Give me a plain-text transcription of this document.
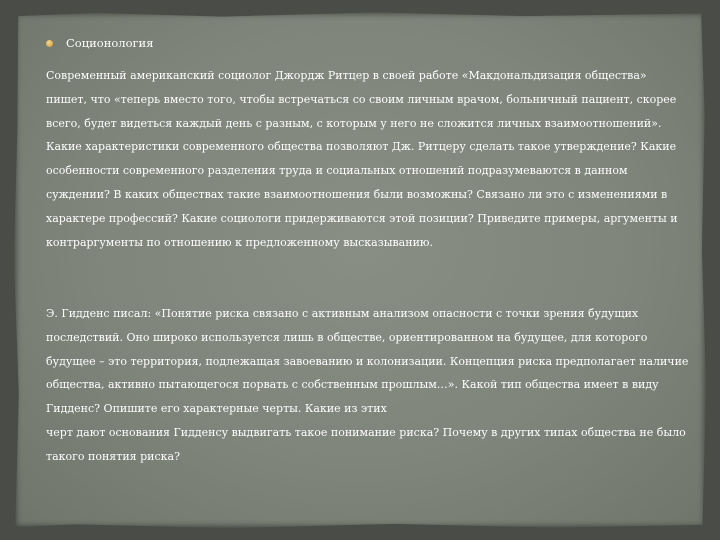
Соционология
Современный американский социолог Джордж Ритцер в своей работе «Макдональдизация общества»
пишет, что «теперь вместо того, чтобы встречаться со своим личным врачом, больничный пациент, скорее
всего, будет видеться каждый день с разным, с которым у него не сложится личных взаимоотношений».
Какие характеристики современного общества позволяют Дж. Ритцеру сделать такое утверждение? Какие
особенности современного разделения труда и социальных отношений подразумеваются в данном
суждении? В каких обществах такие взаимоотношения были возможны? Связано ли это с изменениями в
характере профессий? Какие социологи придерживаются этой позиции? Приведите примеры, аргументы и
контраргументы по отношению к предложенному высказыванию.
Э. Гидденс писал: «Понятие риска связано с активным анализом опасности с точки зрения будущих
последствий. Оно широко используется лишь в обществе, ориентированном на будущее, для которого
будущее – это территория, подлежащая завоеванию и колонизации. Концепция риска предполагает наличие
общества, активно пытающегося порвать с собственным прошлым…». Какой тип общества имеет в виду
Гидденс? Опишите его характерные черты. Какие из этих
черт дают основания Гидденсу выдвигать такое понимание риска? Почему в других типах общества не было
такого понятия риска?
